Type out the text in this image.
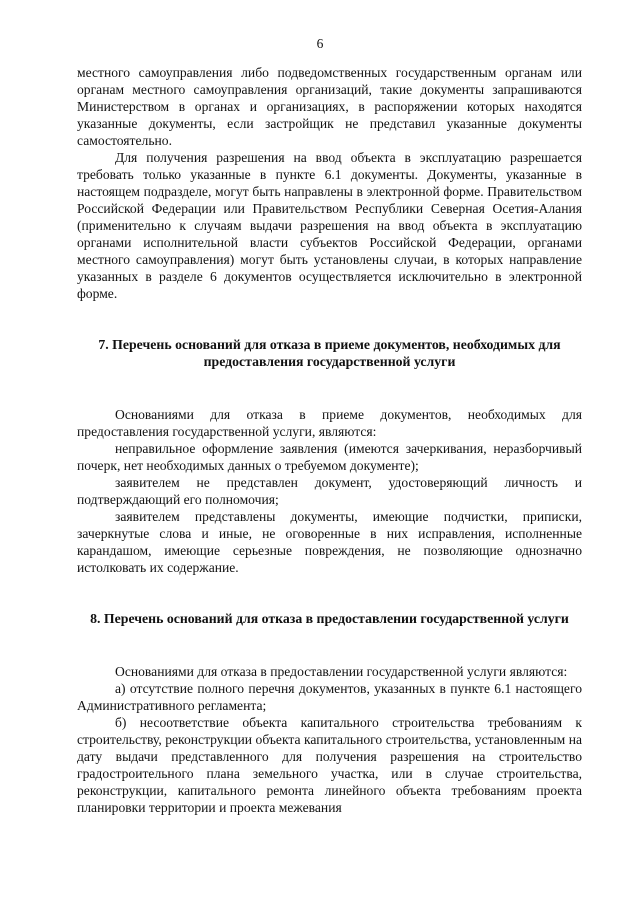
6

местного самоуправления либо подведомственных государственным органам или органам местного самоуправления организаций, такие документы запрашиваются Министерством в органах и организациях, в распоряжении которых находятся указанные документы, если застройщик не представил указанные документы самостоятельно.

Для получения разрешения на ввод объекта в эксплуатацию разрешается требовать только указанные в пункте 6.1 документы. Документы, указанные в настоящем подразделе, могут быть направлены в электронной форме. Правительством Российской Федерации или Правительством Республики Северная Осетия-Алания (применительно к случаям выдачи разрешения на ввод объекта в эксплуатацию органами исполнительной власти субъектов Российской Федерации, органами местного самоуправления) могут быть установлены случаи, в которых направление указанных в разделе 6 документов осуществляется исключительно в электронной форме.

7. Перечень оснований для отказа в приеме документов, необходимых для предоставления государственной услуги

Основаниями для отказа в приеме документов, необходимых для предоставления государственной услуги, являются:

неправильное оформление заявления (имеются зачеркивания, неразборчивый почерк, нет необходимых данных о требуемом документе);

заявителем не представлен документ, удостоверяющий личность и подтверждающий его полномочия;

заявителем представлены документы, имеющие подчистки, приписки, зачеркнутые слова и иные, не оговоренные в них исправления, исполненные карандашом, имеющие серьезные повреждения, не позволяющие однозначно истолковать их содержание.

8. Перечень оснований для отказа в предоставлении государственной услуги

Основаниями для отказа в предоставлении государственной услуги являются:

а) отсутствие полного перечня документов, указанных в пункте 6.1 настоящего Административного регламента;

б) несоответствие объекта капитального строительства требованиям к строительству, реконструкции объекта капитального строительства, установленным на дату выдачи представленного для получения разрешения на строительство градостроительного плана земельного участка, или в случае строительства, реконструкции, капитального ремонта линейного объекта требованиям проекта планировки территории и проекта межевания
